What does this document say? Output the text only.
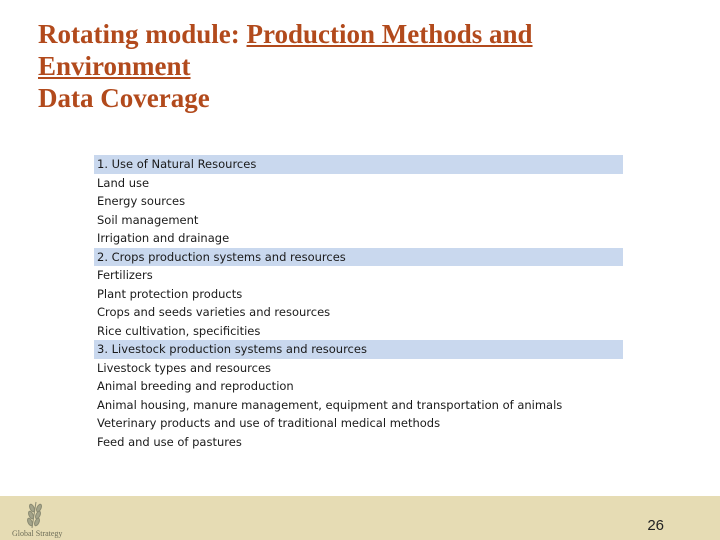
Rotating module: Production Methods and
Environment
Data Coverage
1. Use of Natural Resources
Land use
Energy sources
Soil management
Irrigation and drainage
2. Crops production systems and resources
Fertilizers
Plant protection products
Crops and seeds varieties and resources
Rice cultivation, specificities
3. Livestock production systems and resources
Livestock types and resources
Animal breeding and reproduction
Animal housing, manure management, equipment and transportation of animals
Veterinary products and use of traditional medical methods
Feed and use of pastures
Global Strategy	26
